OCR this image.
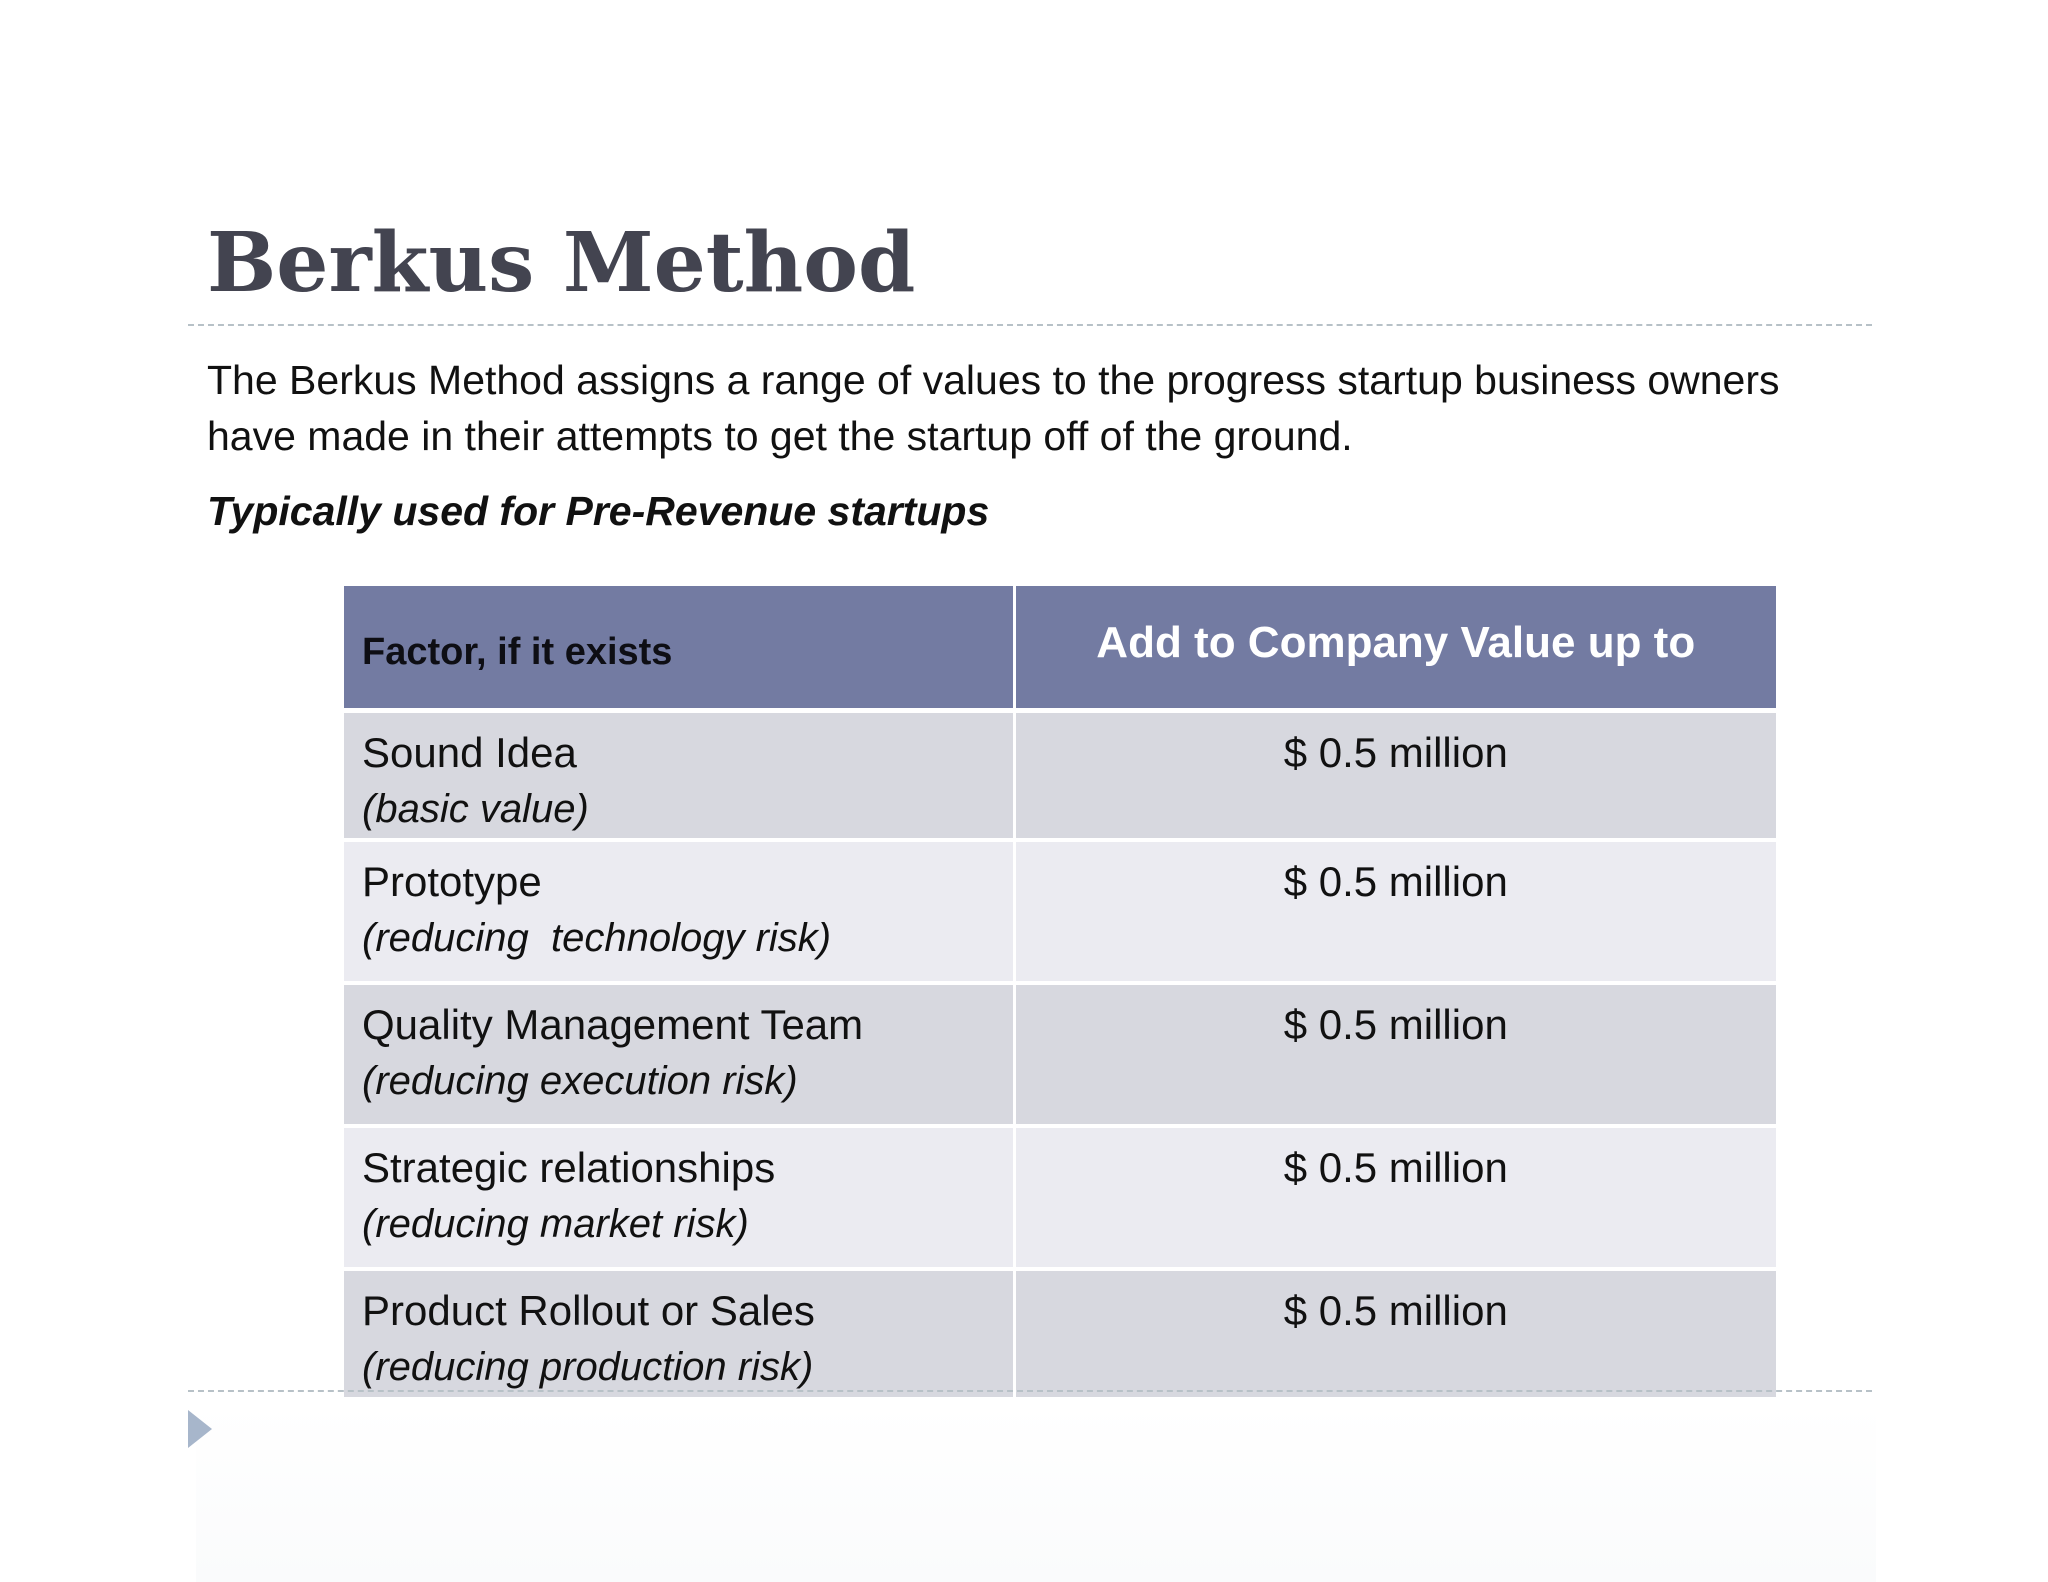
Berkus Method

The Berkus Method assigns a range of values to the progress startup business owners have made in their attempts to get the startup off of the ground.

Typically used for Pre-Revenue startups

Factor, if it exists	Add to Company Value up to

Sound Idea
(basic value)	$ 0.5 million

Prototype
(reducing  technology risk)	$ 0.5 million

Quality Management Team
(reducing execution risk)	$ 0.5 million

Strategic relationships
(reducing market risk)	$ 0.5 million

Product Rollout or Sales
(reducing production risk)	$ 0.5 million
